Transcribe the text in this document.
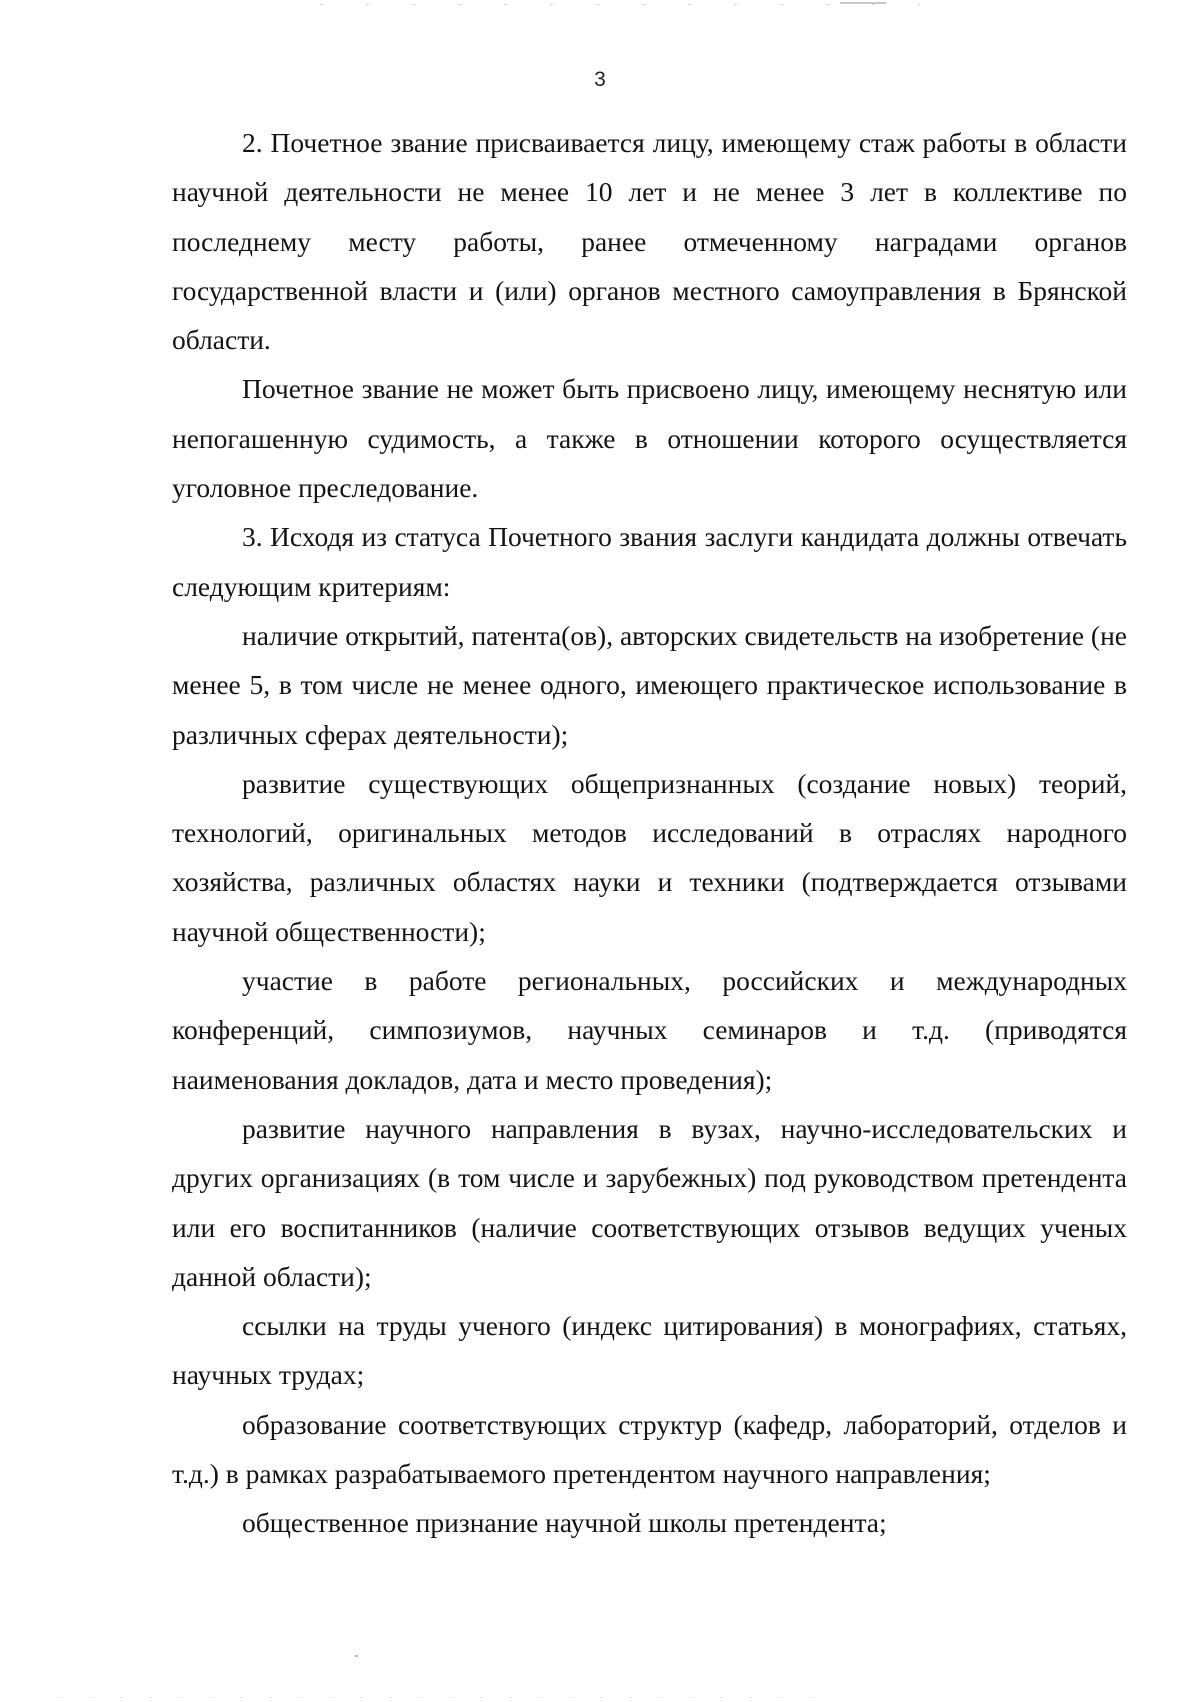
3

2. Почетное звание присваивается лицу, имеющему стаж работы в области научной деятельности не менее 10 лет и не менее 3 лет в коллективе по последнему месту работы, ранее отмеченному наградами органов государственной власти и (или) органов местного самоуправления в Брянской области.

Почетное звание не может быть присвоено лицу, имеющему неснятую или непогашенную судимость, а также в отношении которого осуществляется уголовное преследование.

3. Исходя из статуса Почетного звания заслуги кандидата должны отвечать следующим критериям:

наличие открытий, патента(ов), авторских свидетельств на изобретение (не менее 5, в том числе не менее одного, имеющего практическое использование в различных сферах деятельности);

развитие существующих общепризнанных (создание новых) теорий, технологий, оригинальных методов исследований в отраслях народного хозяйства, различных областях науки и техники (подтверждается отзывами научной общественности);

участие в работе региональных, российских и международных конференций, симпозиумов, научных семинаров и т.д. (приводятся наименования докладов, дата и место проведения);

развитие научного направления в вузах, научно-исследовательских и других организациях (в том числе и зарубежных) под руководством претендента или его воспитанников (наличие соответствующих отзывов ведущих ученых данной области);

ссылки на труды ученого (индекс цитирования) в монографиях, статьях, научных трудах;

образование соответствующих структур (кафедр, лабораторий, отделов и т.д.) в рамках разрабатываемого претендентом научного направления;

общественное признание научной школы претендента;
